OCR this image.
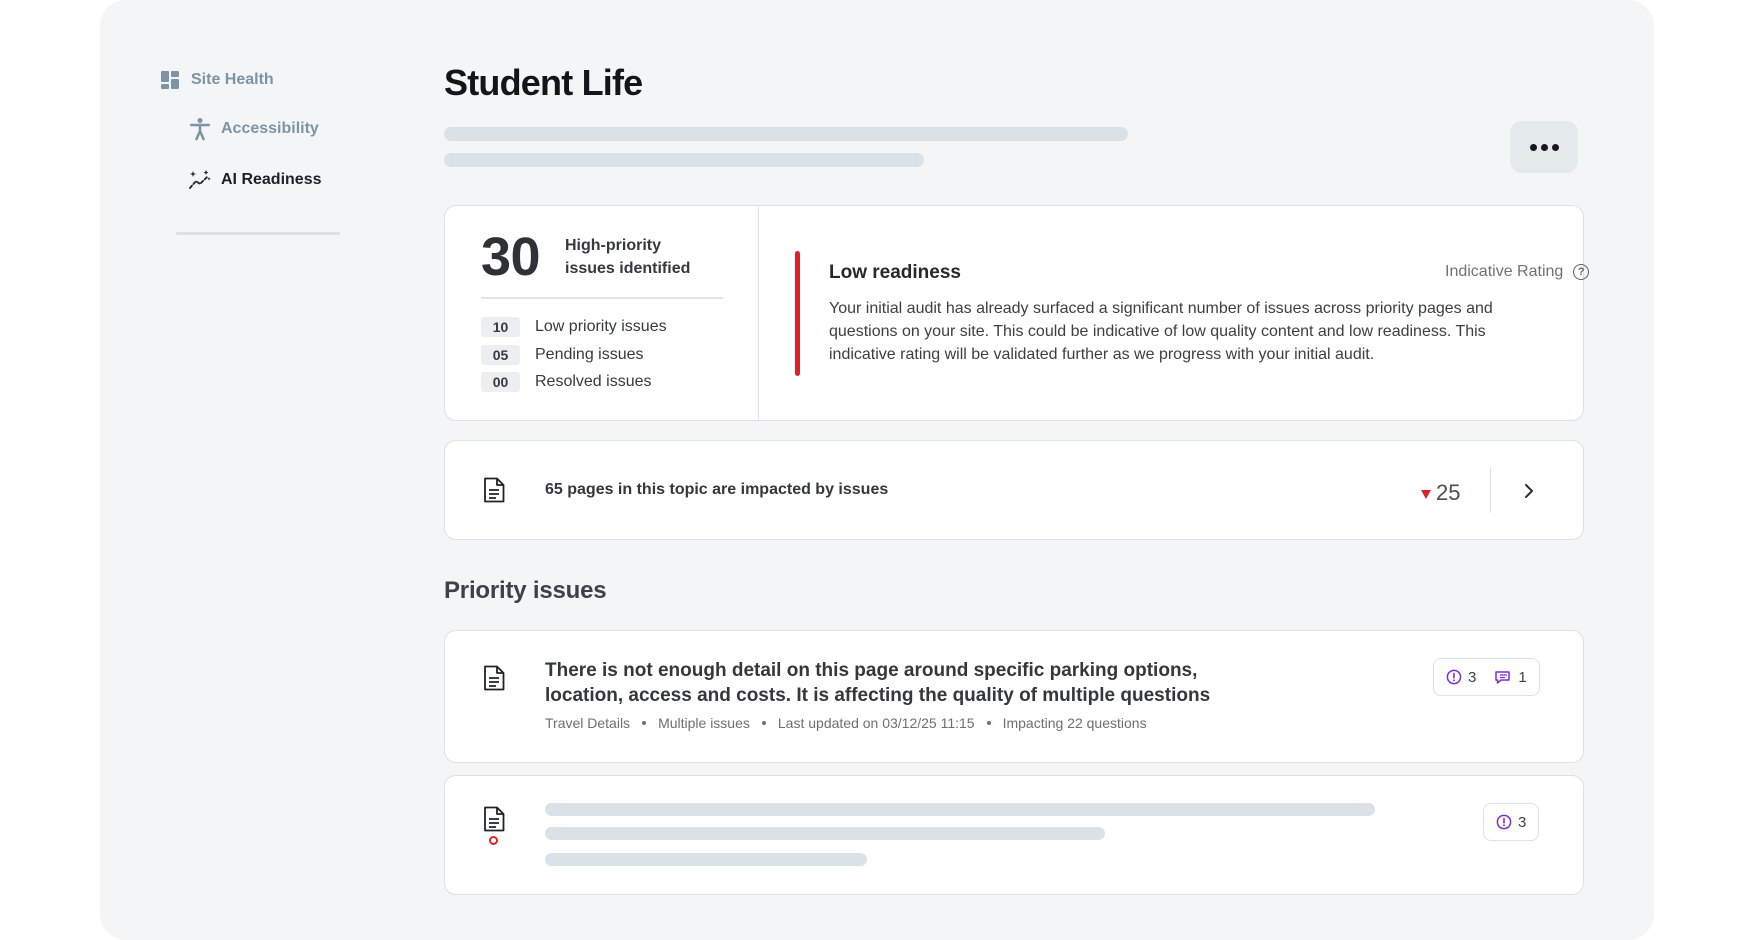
Site Health
Accessibility
AI Readiness
Student Life
30 High-priority issues identified
10	Low priority issues
05	Pending issues
00	Resolved issues
Low readiness	Indicative Rating	?

Your initial audit has already surfaced a significant number of issues across priority pages and questions on your site. This could be indicative of low quality content and low readiness. This indicative rating will be validated further as we progress with your initial audit.

65 pages in this topic are impacted by issues	25
Priority issues
There is not enough detail on this page around specific parking options, location, access and costs. It is affecting the quality of multiple questions
Travel Details Multiple issues Last updated on 03/12/25 11:15 Impacting 22 questions
3	1
3
